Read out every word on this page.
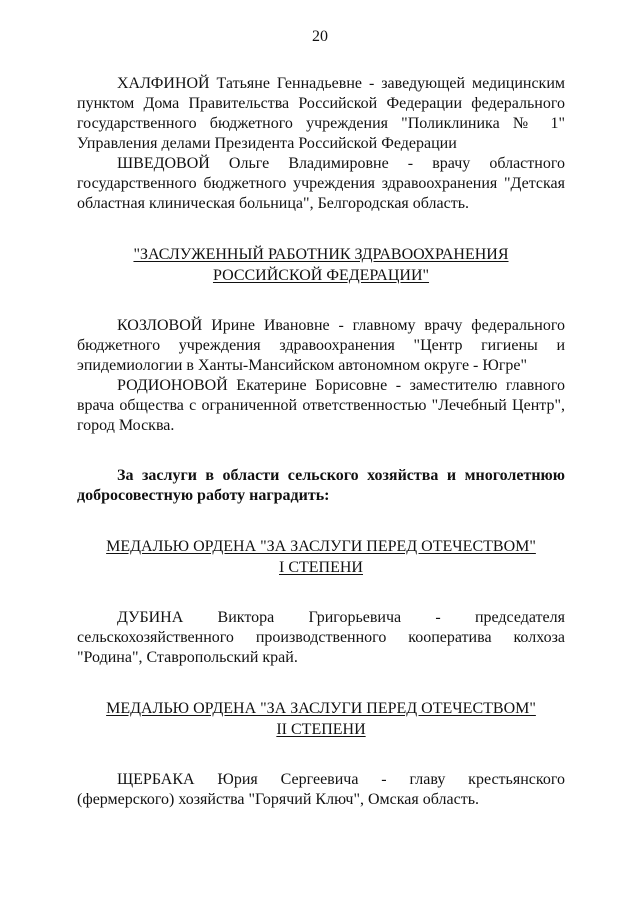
20

ХАЛФИНОЙ Татьяне Геннадьевне - заведующей медицинским пунктом Дома Правительства Российской Федерации федерального государственного бюджетного учреждения "Поликлиника № 1" Управления делами Президента Российской Федерации

ШВЕДОВОЙ Ольге Владимировне - врачу областного государственного бюджетного учреждения здравоохранения "Детская областная клиническая больница", Белгородская область.

"ЗАСЛУЖЕННЫЙ РАБОТНИК ЗДРАВООХРАНЕНИЯ

РОССИЙСКОЙ ФЕДЕРАЦИИ"

КОЗЛОВОЙ Ирине Ивановне - главному врачу федерального бюджетного учреждения здравоохранения "Центр гигиены и эпидемиологии в Ханты-Мансийском автономном округе - Югре"

РОДИОНОВОЙ Екатерине Борисовне - заместителю главного врача общества с ограниченной ответственностью "Лечебный Центр", город Москва.

За заслуги в области сельского хозяйства и многолетнюю добросовестную работу наградить:

МЕДАЛЬЮ ОРДЕНА "ЗА ЗАСЛУГИ ПЕРЕД ОТЕЧЕСТВОМ"

I СТЕПЕНИ

ДУБИНА Виктора Григорьевича - председателя сельскохозяйственного производственного кооператива колхоза "Родина", Ставропольский край.

МЕДАЛЬЮ ОРДЕНА "ЗА ЗАСЛУГИ ПЕРЕД ОТЕЧЕСТВОМ"

II СТЕПЕНИ

ЩЕРБАКА Юрия Сергеевича - главу крестьянского (фермерского) хозяйства "Горячий Ключ", Омская область.
